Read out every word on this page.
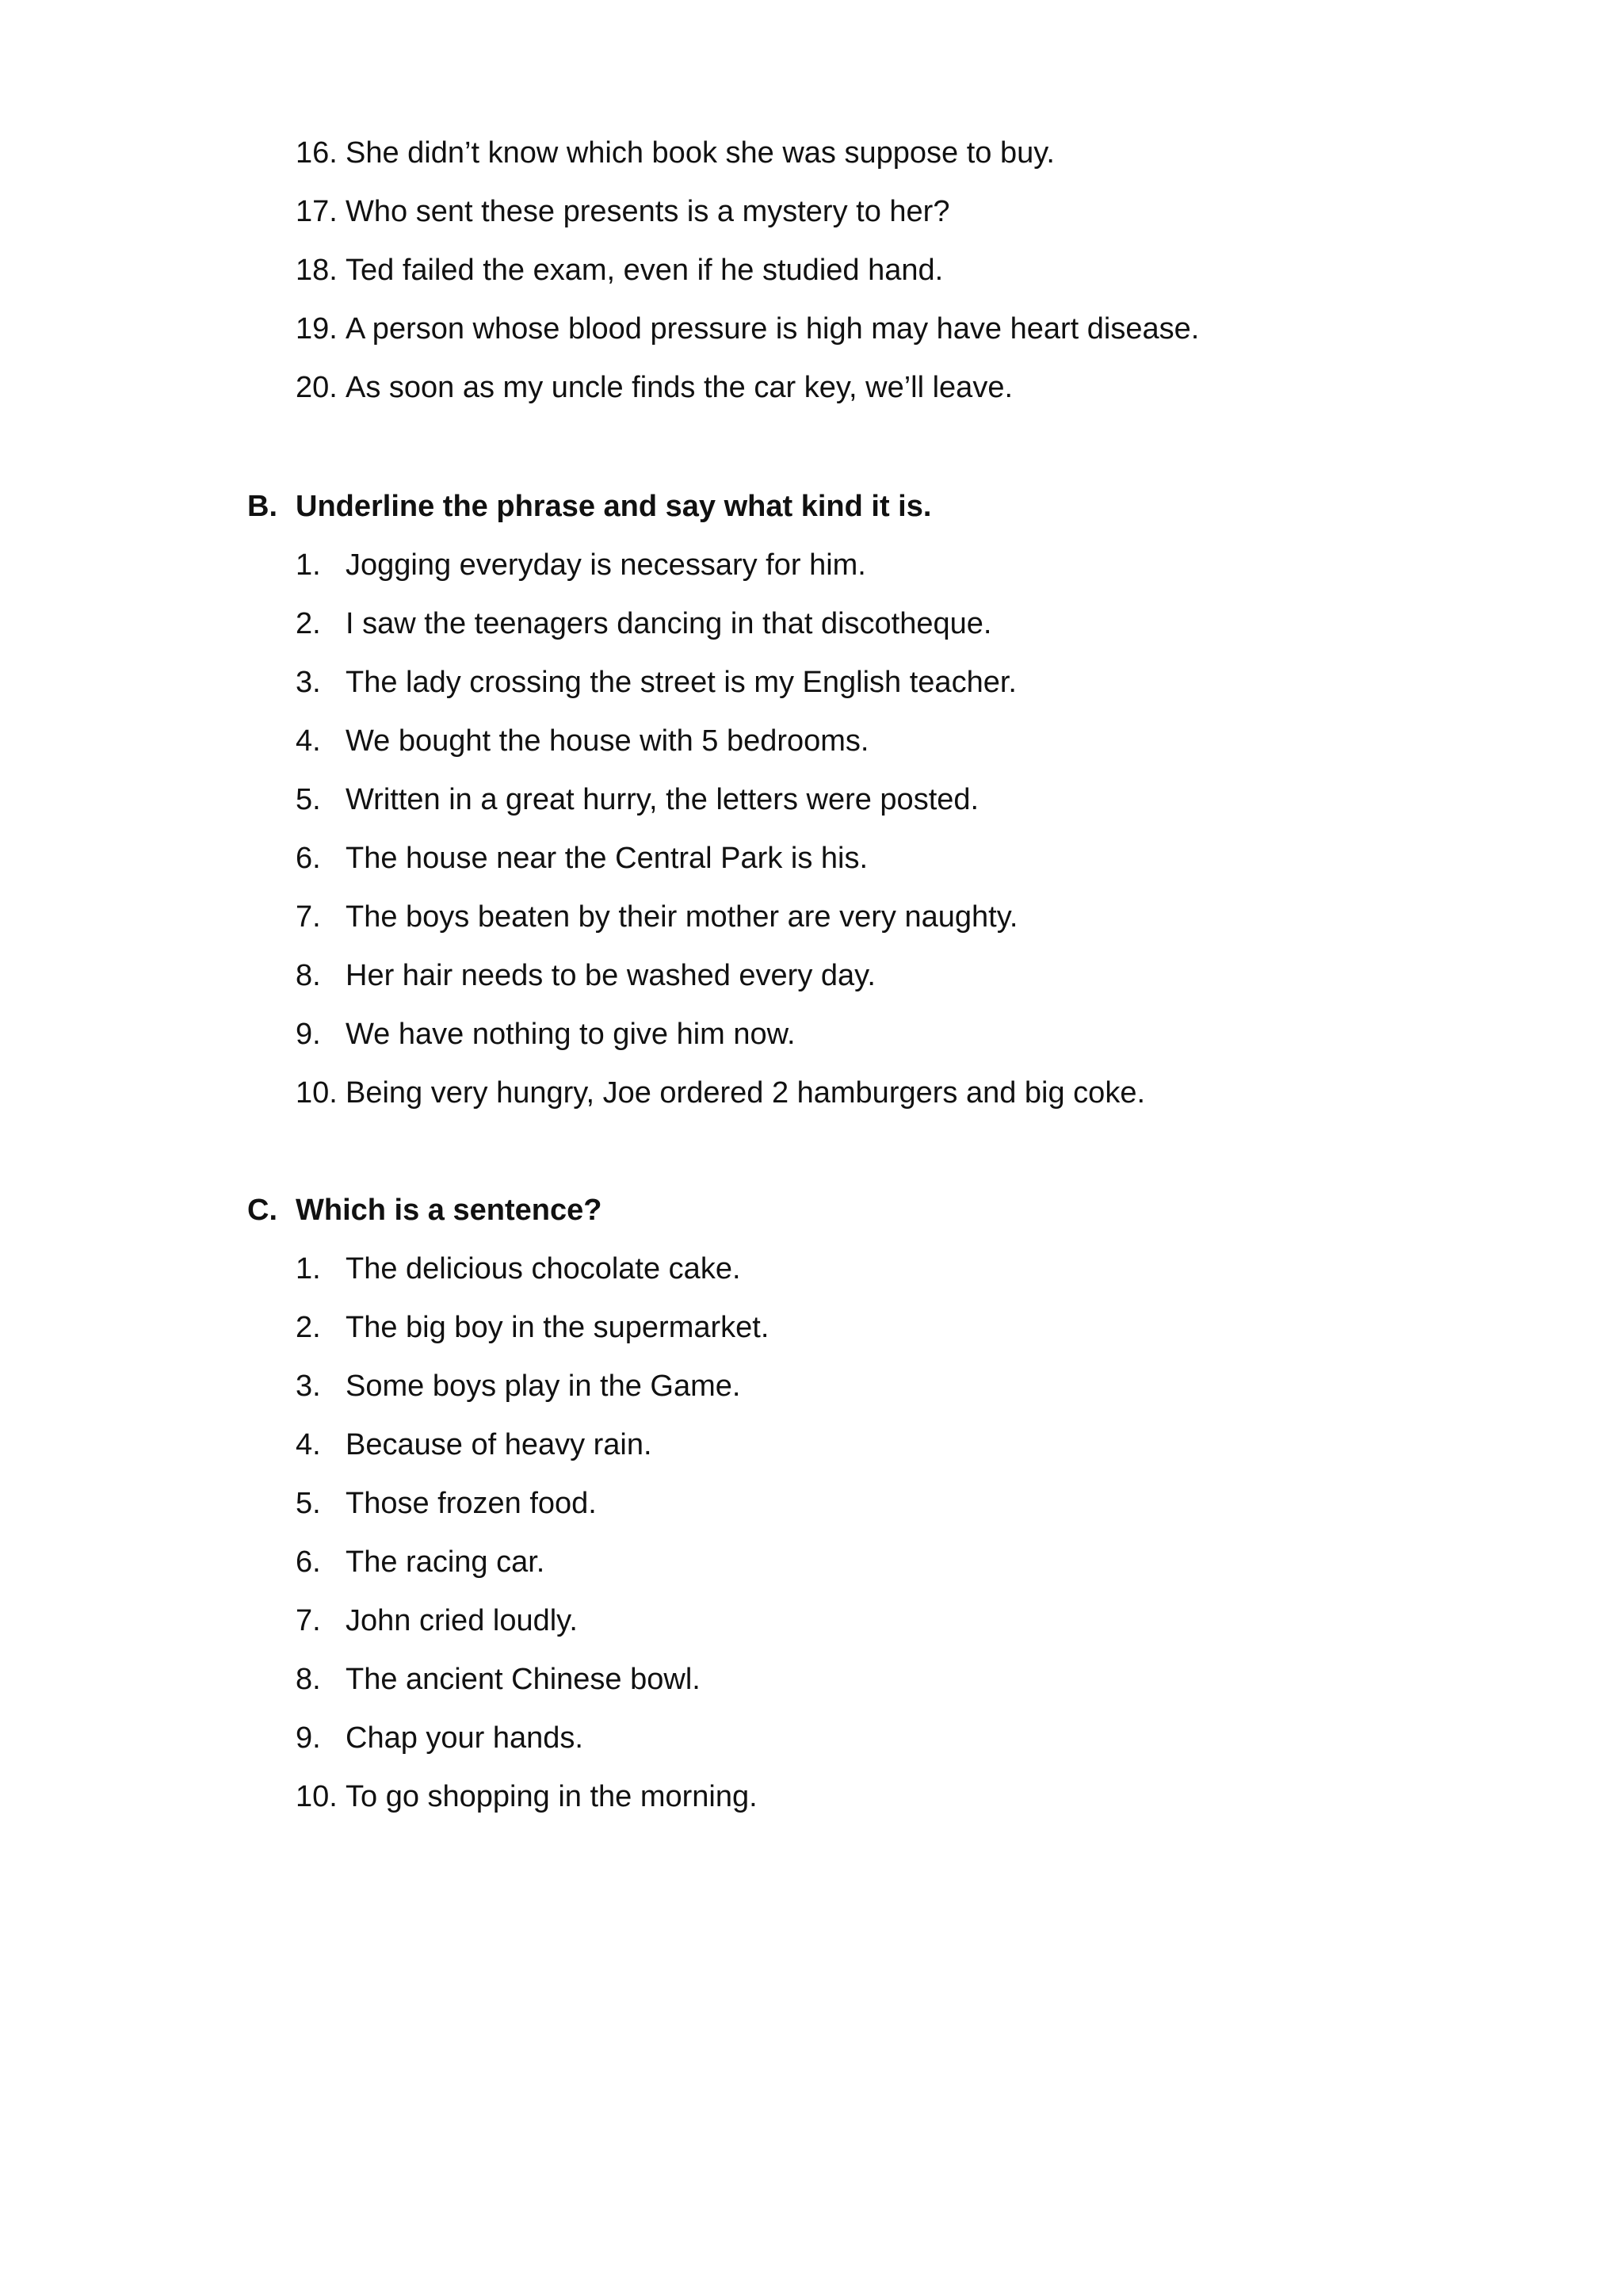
16. She didn’t know which book she was suppose to buy.
17. Who sent these presents is a mystery to her?
18. Ted failed the exam, even if he studied hand.
19. A person whose blood pressure is high may have heart disease.
20. As soon as my uncle finds the car key, we’ll leave.
B. Underline the phrase and say what kind it is.
1. Jogging everyday is necessary for him.
2. I saw the teenagers dancing in that discotheque.
3. The lady crossing the street is my English teacher.
4. We bought the house with 5 bedrooms.
5. Written in a great hurry, the letters were posted.
6. The house near the Central Park is his.
7. The boys beaten by their mother are very naughty.
8. Her hair needs to be washed every day.
9. We have nothing to give him now.
10. Being very hungry, Joe ordered 2 hamburgers and big coke.
C. Which is a sentence?
1. The delicious chocolate cake.
2. The big boy in the supermarket.
3. Some boys play in the Game.
4. Because of heavy rain.
5. Those frozen food.
6. The racing car.
7. John cried loudly.
8. The ancient Chinese bowl.
9. Chap your hands.
10. To go shopping in the morning.
